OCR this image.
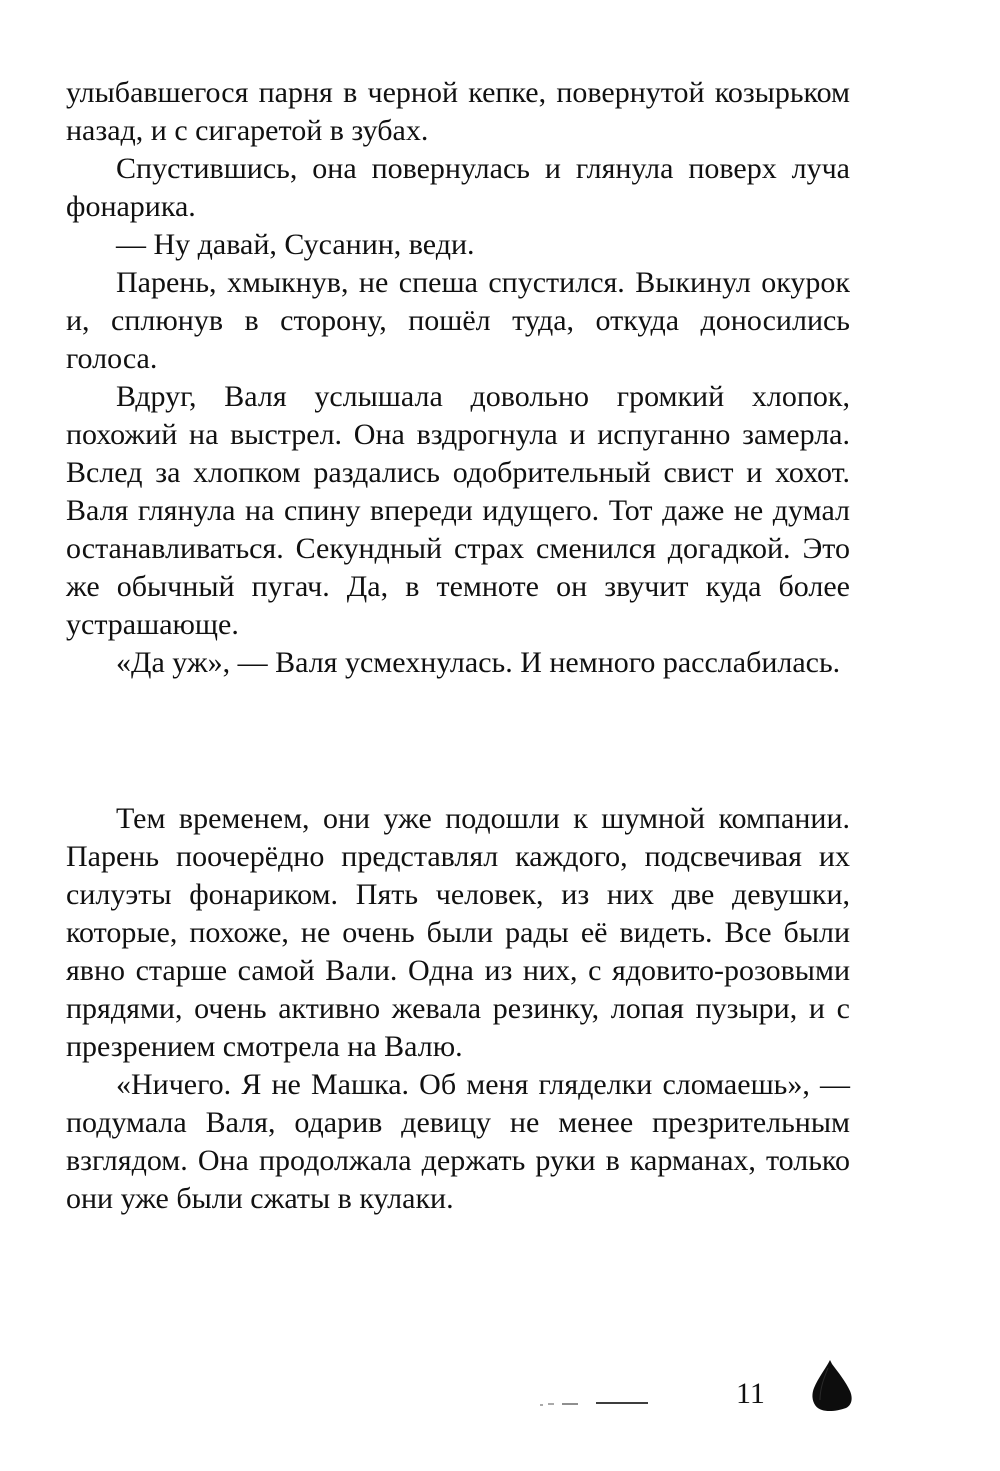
улыбавшегося парня в черной кепке, повернутой козырьком назад, и с сигаретой в зубах.

Спустившись, она повернулась и глянула поверх луча фонарика.

— Ну давай, Сусанин, веди.

Парень, хмыкнув, не спеша спустился. Выкинул окурок и, сплюнув в сторону, пошёл туда, откуда доносились голоса.

Вдруг, Валя услышала довольно громкий хлопок, похожий на выстрел. Она вздрогнула и испуганно замерла. Вслед за хлопком раздались одобрительный свист и хохот. Валя глянула на спину впереди идущего. Тот даже не думал останавливаться. Секундный страх сменился догадкой. Это же обычный пугач. Да, в темноте он звучит куда более устрашающе.

«Да уж», — Валя усмехнулась. И немного расслабилась.

Тем временем, они уже подошли к шумной компании. Парень поочерёдно представлял каждого, подсвечивая их силуэты фонариком. Пять человек, из них две девушки, которые, похоже, не очень были рады её видеть. Все были явно старше самой Вали. Одна из них, с ядовито-розовыми прядями, очень активно жевала резинку, лопая пузыри, и с презрением смотрела на Валю.

«Ничего. Я не Машка. Об меня гляделки сломаешь», — подумала Валя, одарив девицу не менее презрительным взглядом. Она продолжала держать руки в карманах, только они уже были сжаты в кулаки.

11
